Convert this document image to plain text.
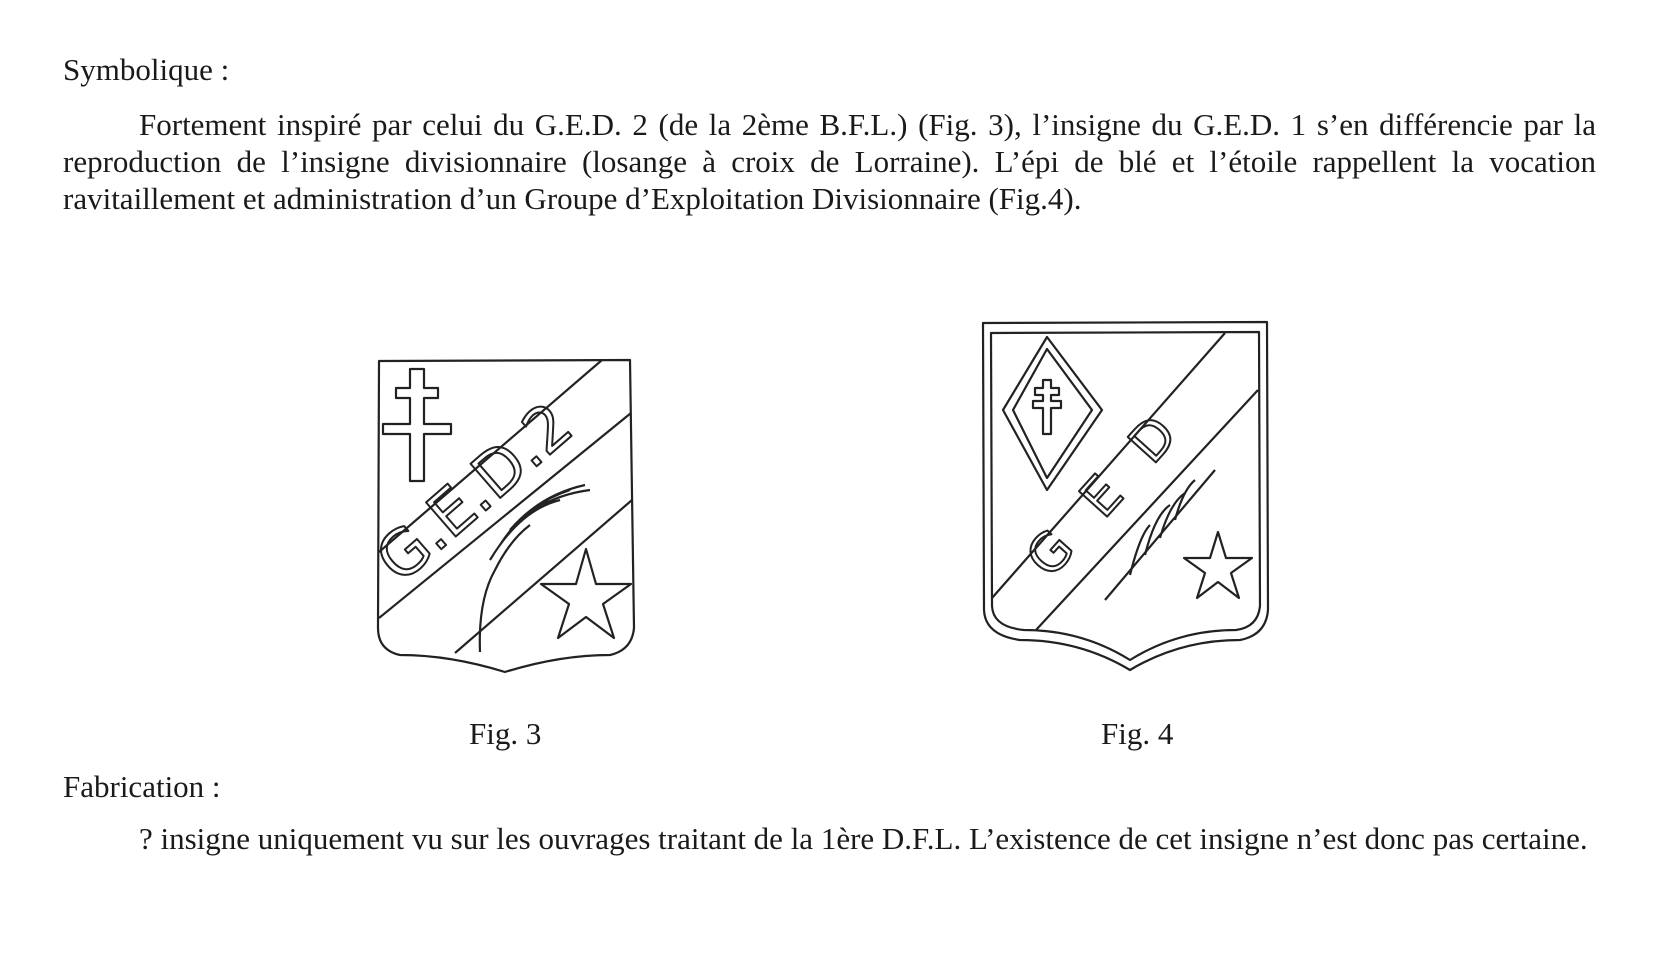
Symbolique :
Fortement inspiré par celui du G.E.D. 2 (de la 2ème B.F.L.) (Fig. 3), l’insigne du G.E.D. 1 s’en différencie par la reproduction de l’insigne divisionnaire (losange à croix de Lorraine). L’épi de blé et l’étoile rappellent la vocation ravitaillement et administration d’un Groupe d’Exploitation Divisionnaire (Fig.4).
G.E.D.2	GED
Fig. 3	Fig. 4
Fabrication :
? insigne uniquement vu sur les ouvrages traitant de la 1ère D.F.L. L’existence de cet insigne n’est donc pas certaine.
